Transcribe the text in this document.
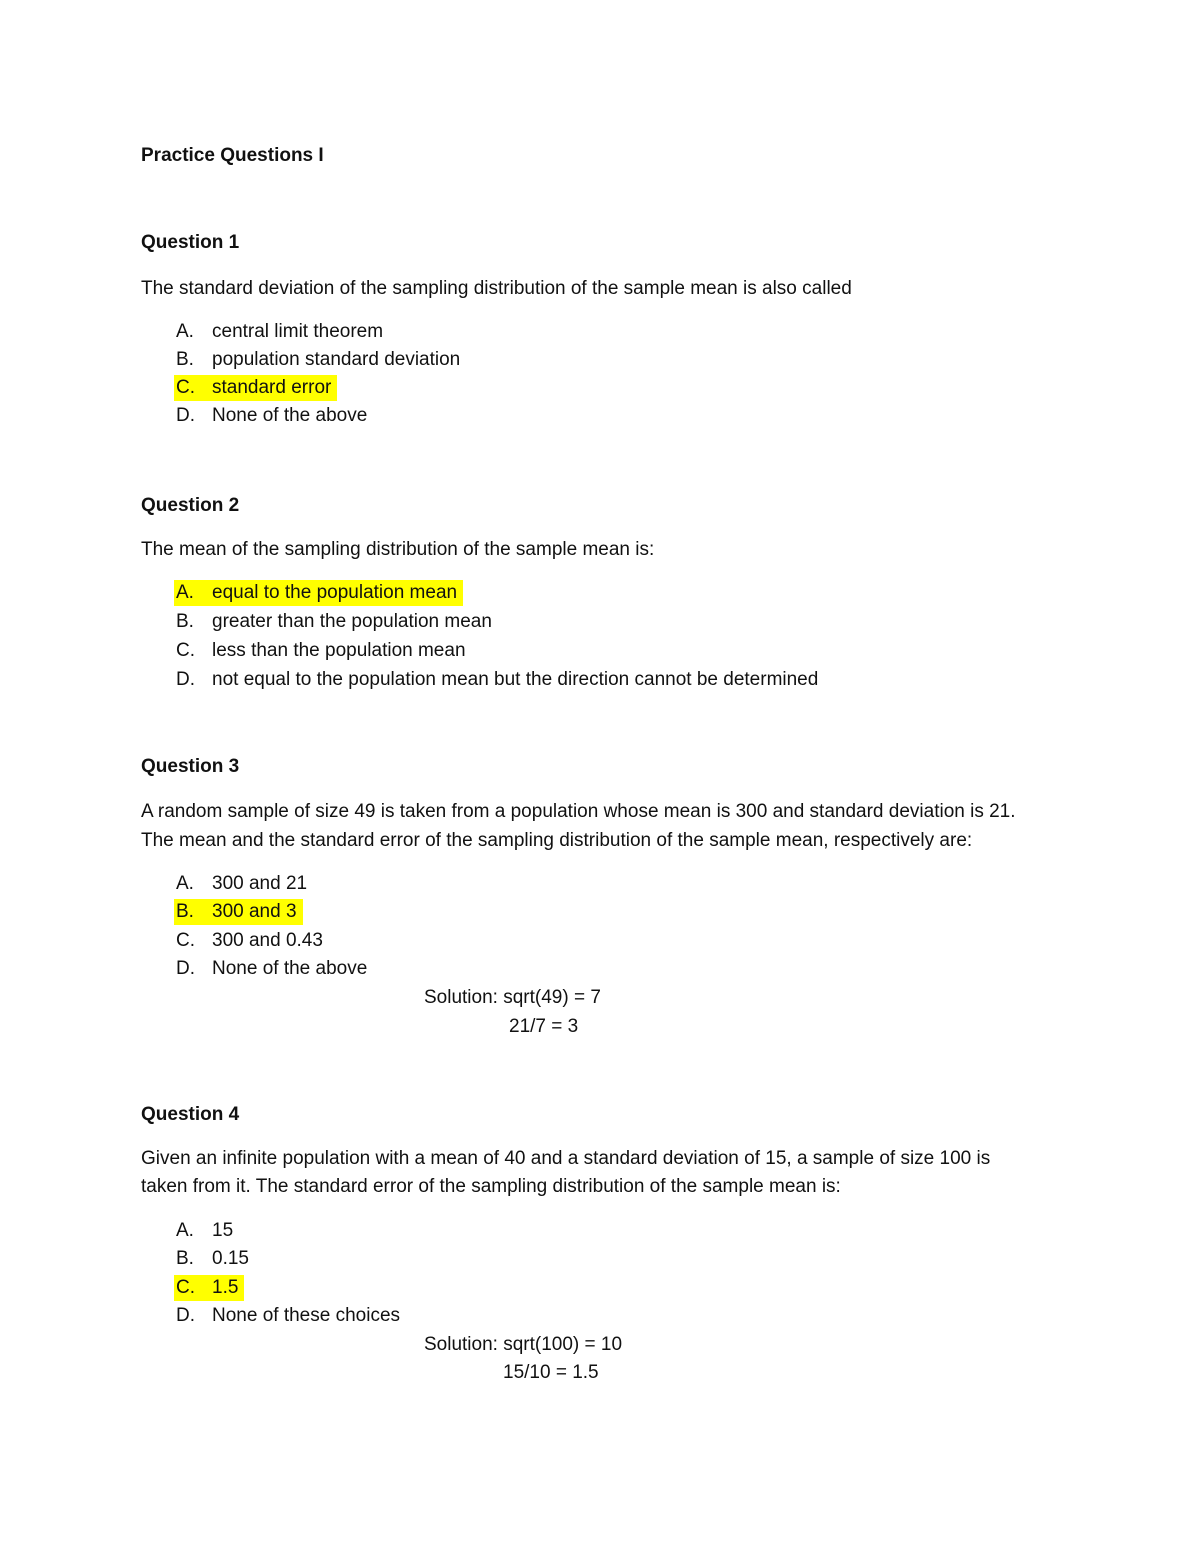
Practice Questions I
Question 1
The standard deviation of the sampling distribution of the sample mean is also called
A. central limit theorem
B. population standard deviation
C. standard error
D. None of the above
Question 2
The mean of the sampling distribution of the sample mean is:
A. equal to the population mean
B. greater than the population mean
C. less than the population mean
D. not equal to the population mean but the direction cannot be determined
Question 3
A random sample of size 49 is taken from a population whose mean is 300 and standard deviation is 21.
The mean and the standard error of the sampling distribution of the sample mean, respectively are:
A. 300 and 21
B. 300 and 3
C. 300 and 0.43
D. None of the above
Solution: sqrt(49) = 7
21/7 = 3
Question 4
Given an infinite population with a mean of 40 and a standard deviation of 15, a sample of size 100 is
taken from it. The standard error of the sampling distribution of the sample mean is:
A. 15
B. 0.15
C. 1.5
D. None of these choices
Solution: sqrt(100) = 10
15/10 = 1.5
